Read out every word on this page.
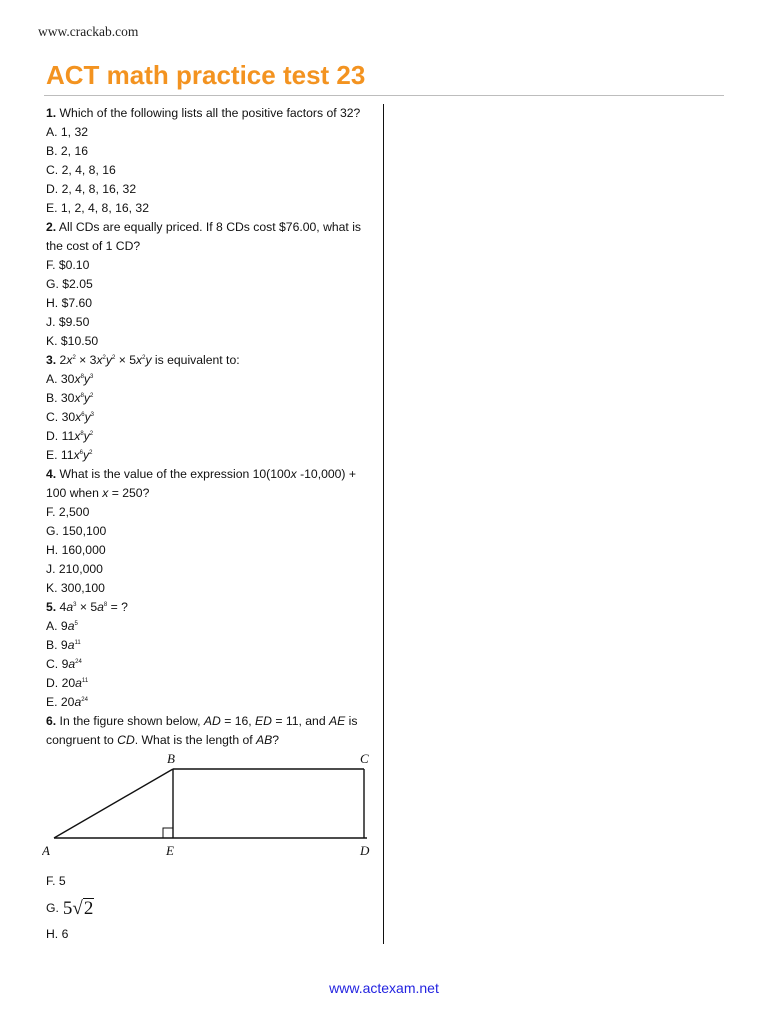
www.crackab.com
ACT math practice test 23
1. Which of the following lists all the positive factors of 32?
A. 1, 32
B. 2, 16
C. 2, 4, 8, 16
D. 2, 4, 8, 16, 32
E. 1, 2, 4, 8, 16, 32
2. All CDs are equally priced. If 8 CDs cost $76.00, what is
the cost of 1 CD?
F. $0.10
G. $2.05
H. $7.60
J. $9.50
K. $10.50
3. $2x^2 \times 3x^2y^2 \times 5x^2y$ is equivalent to:
A. $30x^8y^3$
B. $30x^8y^2$
C. $30x^6y^3$
D. $11x^8y^2$
E. $11x^6y^2$
4. What is the value of the expression 10(100x -10,000) +
100 when x = 250?
F. 2,500
G. 150,100
H. 160,000
J. 210,000
K. 300,100
5. $4a^3 \times 5a^8$ = ?
A. $9a^5$
B. $9a^{11}$
C. $9a^{24}$
D. $20a^{11}$
E. $20a^{24}$
6. In the figure shown below, AD = 16, ED = 11, and AE is
congruent to CD. What is the length of AB?
A
B	C
D
E
F. 5
G. 5 √ 2
H. 6
www.actexam.net
